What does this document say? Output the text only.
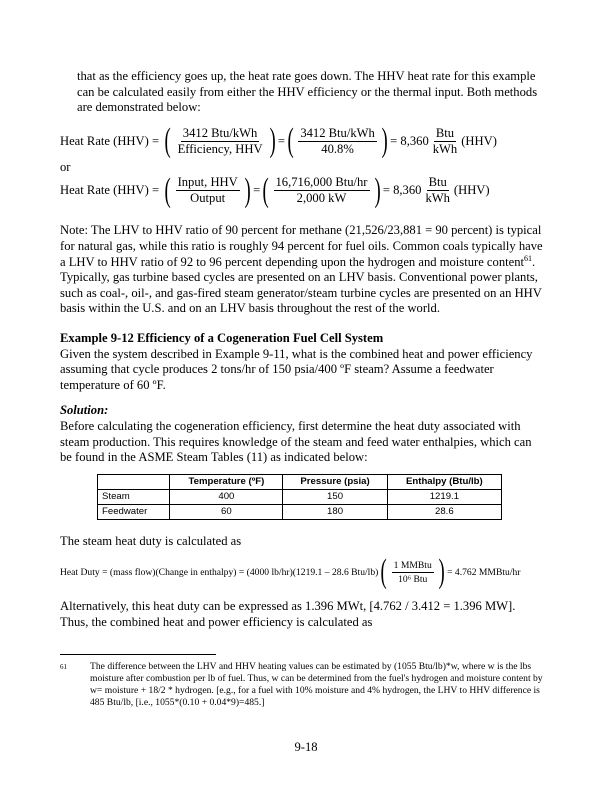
that as the efficiency goes up, the heat rate goes down. The HHV heat rate for this example can be calculated easily from either the HHV efficiency or the thermal input. Both methods are demonstrated below:
Heat Rate (HHV) =
( $\frac{\text{3412 Btu/kWh}}{\text{Efficiency, HHV}}$ ) = ( $\frac{\text{3412 Btu/kWh}}{40.8\%}$ ) = $8,360 \frac{\text{Btu}}{\text{kWh}} (HHV)$
or
Heat Rate (HHV) =
( $\frac{\text{Input, HHV}}{\text{Output}}$ ) = ( $\frac{\text{16,716,000 Btu/hr}}{2,000 kW}$ ) = $8,360 \frac{\text{Btu}}{\text{kWh}} (HHV)$
Note: The LHV to HHV ratio of 90 percent for methane (21,526/23,881 = 90 percent) is typical for natural gas, while this ratio is roughly 94 percent for fuel oils. Common coals typically have a LHV to HHV ratio of 92 to 96 percent depending upon the hydrogen and moisture content$^{61}$. Typically, gas turbine based cycles are presented on an LHV basis. Conventional power plants, such as coal-, oil-, and gas-fired steam generator/steam turbine cycles are presented on an HHV basis within the U.S. and on an LHV basis throughout the rest of the world.
Example 9-12 Efficiency of a Cogeneration Fuel Cell System
Given the system described in Example 9-11, what is the combined heat and power efficiency assuming that cycle produces 2 tons/hr of 150 psia/400 ºF steam? Assume a feedwater temperature of 60 ºF.
Solution:
Before calculating the cogeneration efficiency, first determine the heat duty associated with steam production. This requires knowledge of the steam and feed water enthalpies, which can be found in the ASME Steam Tables (11) as indicated below:
	Temperature (ºF)	Pressure (psia)	Enthalpy (Btu/lb)
Steam	400	150	1219.1
Feedwater	60	180	28.6
The steam heat duty is calculated as
Heat Duty =
(mass flow)(Change in enthalpy) = (4000 lb/hr)(1219.1 – 28.6 Btu/lb) ( $\frac{\text{1 MMBtu}}{\text{10⁶ Btu}}$ ) = 4.762 MMBtu/hr
Alternatively, this heat duty can be expressed as 1.396 MWt, [4.762 / 3.412 = 1.396 MW]. Thus, the combined heat and power efficiency is calculated as
61	The difference between the LHV and HHV heating values can be estimated by (1055 Btu/lb)*w, where w is the lbs moisture after combustion per lb of fuel. Thus, w can be determined from the fuel's hydrogen and moisture content by w= moisture + 18/2 * hydrogen. [e.g., for a fuel with 10% moisture and 4% hydrogen, the LHV to HHV difference is 485 Btu/lb, [i.e., 1055*(0.10 + 0.04*9)=485.]
9-18
